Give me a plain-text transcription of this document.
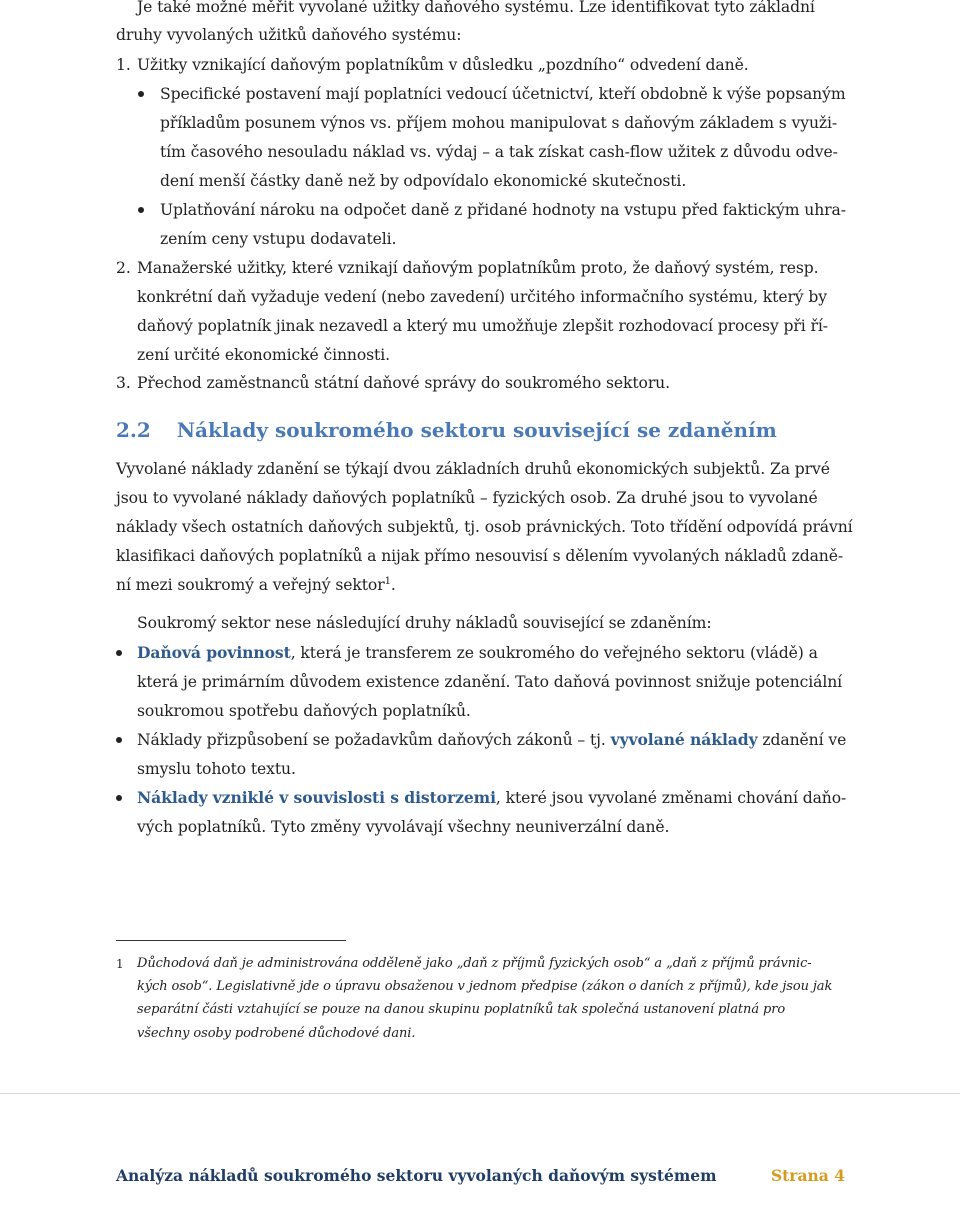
Je také možné měřit vyvolané užitky daňového systému. Lze identifikovat tyto základní
druhy vyvolaných užitků daňového systému:
1. Užitky vznikající daňovým poplatníkům v důsledku „pozdního“ odvedení daně.
Specifické postavení mají poplatníci vedoucí účetnictví, kteří obdobně k výše popsaným
příkladům posunem výnos vs. příjem mohou manipulovat s daňovým základem s využi-
tím časového nesouladu náklad vs. výdaj – a tak získat cash-flow užitek z důvodu odve-
dení menší částky daně než by odpovídalo ekonomické skutečnosti.
Uplatňování nároku na odpočet daně z přidané hodnoty na vstupu před faktickým uhra-
zením ceny vstupu dodavateli.
2. Manažerské užitky, které vznikají daňovým poplatníkům proto, že daňový systém, resp.
konkrétní daň vyžaduje vedení (nebo zavedení) určitého informačního systému, který by
daňový poplatník jinak nezavedl a který mu umožňuje zlepšit rozhodovací procesy při ří-
zení určité ekonomické činnosti.
3. Přechod zaměstnanců státní daňové správy do soukromého sektoru.
2.2 Náklady soukromého sektoru související se zdaněním
Vyvolané náklady zdanění se týkají dvou základních druhů ekonomických subjektů. Za prvé
jsou to vyvolané náklady daňových poplatníků – fyzických osob. Za druhé jsou to vyvolané
náklady všech ostatních daňových subjektů, tj. osob právnických. Toto třídění odpovídá právní
klasifikaci daňových poplatníků a nijak přímo nesouvisí s dělením vyvolaných nákladů zdaně-
ní mezi soukromý a veřejný sektor$^1$.
Soukromý sektor nese následující druhy nákladů související se zdaněním:
Daňová povinnost, která je transferem ze soukromého do veřejného sektoru (vládě) a
která je primárním důvodem existence zdanění. Tato daňová povinnost snižuje potenciální
soukromou spotřebu daňových poplatníků.
Náklady přizpůsobení se požadavkům daňových zákonů – tj. vyvolané náklady zdanění ve
smyslu tohoto textu.
Náklady vzniklé v souvislosti s distorzemi, které jsou vyvolané změnami chování daňo-
vých poplatníků. Tyto změny vyvolávají všechny neuniverzální daně.
1 Důchodová daň je administrována odděleně jako „daň z příjmů fyzických osob“ a „daň z příjmů právnic-
kých osob“. Legislativně jde o úpravu obsaženou v jednom předpise (zákon o daních z příjmů), kde jsou jak
separátní části vztahující se pouze na danou skupinu poplatníků tak společná ustanovení platná pro
všechny osoby podrobené důchodové dani.
Analýza nákladů soukromého sektoru vyvolaných daňovým systémem	Strana 4
